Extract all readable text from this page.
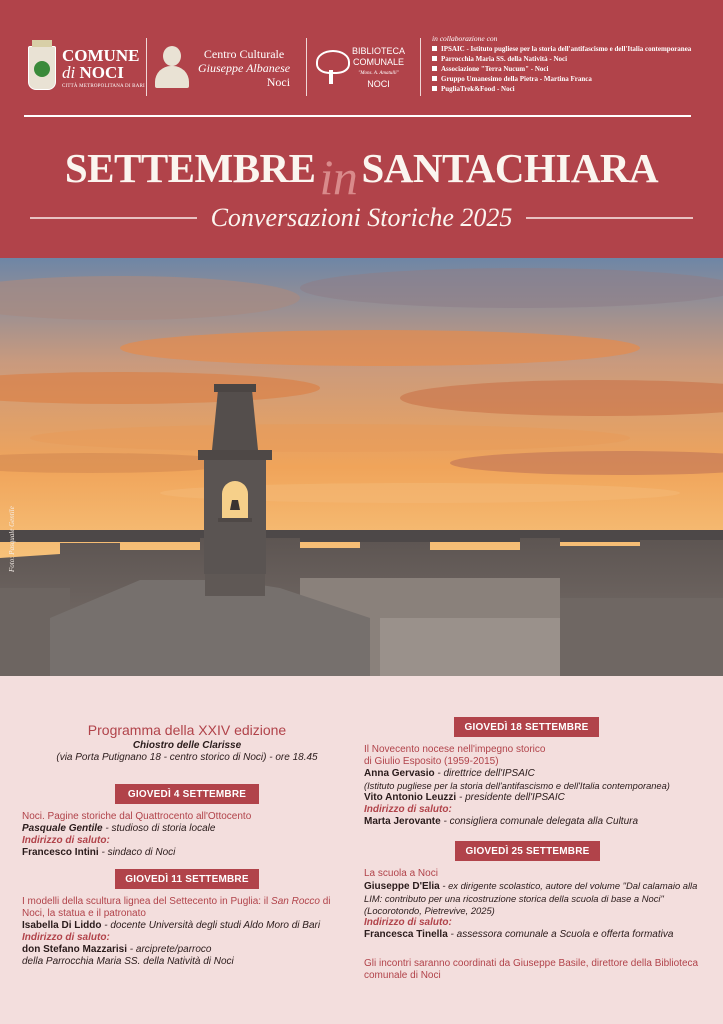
COMUNE
di NOCI
CITTÀ METROPOLITANA DI BARI
Centro Culturale
Giuseppe Albanese
Noci
BIBLIOTECA
COMUNALE
"Mons. A. Amatulli"
NOCI
in collaborazione con
IPSAIC - Istituto pugliese per la storia dell'antifascismo e dell'Italia contemporanea
Parrocchia Maria SS. della Natività - Noci
Associazione "Terra Nucum" - Noci
Gruppo Umanesimo della Pietra - Martina Franca
PugliaTrek&Food - Noci
SETTEMBREinSANTACHIARA
Conversazioni Storiche 2025
Foto: Pasquale Gentile
Programma della XXIV edizione
Chiostro delle Clarisse
(via Porta Putignano 18 - centro storico di Noci) - ore 18.45
GIOVEDÌ 4 SETTEMBRE
Noci. Pagine storiche dal Quattrocento all'Ottocento
Pasquale Gentile - studioso di storia locale
Indirizzo di saluto:
Francesco Intini - sindaco di Noci
GIOVEDÌ 11 SETTEMBRE
I modelli della scultura lignea del Settecento in Puglia: il San Rocco di Noci, la statua e il patronato
Isabella Di Liddo - docente Università degli studi Aldo Moro di Bari
Indirizzo di saluto:
don Stefano Mazzarisi - arciprete/parroco
della Parrocchia Maria SS. della Natività di Noci
GIOVEDÌ 18 SETTEMBRE
Il Novecento nocese nell'impegno storico
di Giulio Esposito (1959-2015)
Anna Gervasio - direttrice dell'IPSAIC
(Istituto pugliese per la storia dell'antifascismo e dell'Italia contemporanea)
Vito Antonio Leuzzi - presidente dell'IPSAIC
Indirizzo di saluto:
Marta Jerovante - consigliera comunale delegata alla Cultura
GIOVEDÌ 25 SETTEMBRE
La scuola a Noci
Giuseppe D'Elia - ex dirigente scolastico, autore del volume "Dal calamaio alla LIM: contributo per una ricostruzione storica della scuola di base a Noci" (Locorotondo, Pietrevive, 2025)
Indirizzo di saluto:
Francesca Tinella - assessora comunale a Scuola e offerta formativa
Gli incontri saranno coordinati da Giuseppe Basile, direttore della Biblioteca comunale di Noci
